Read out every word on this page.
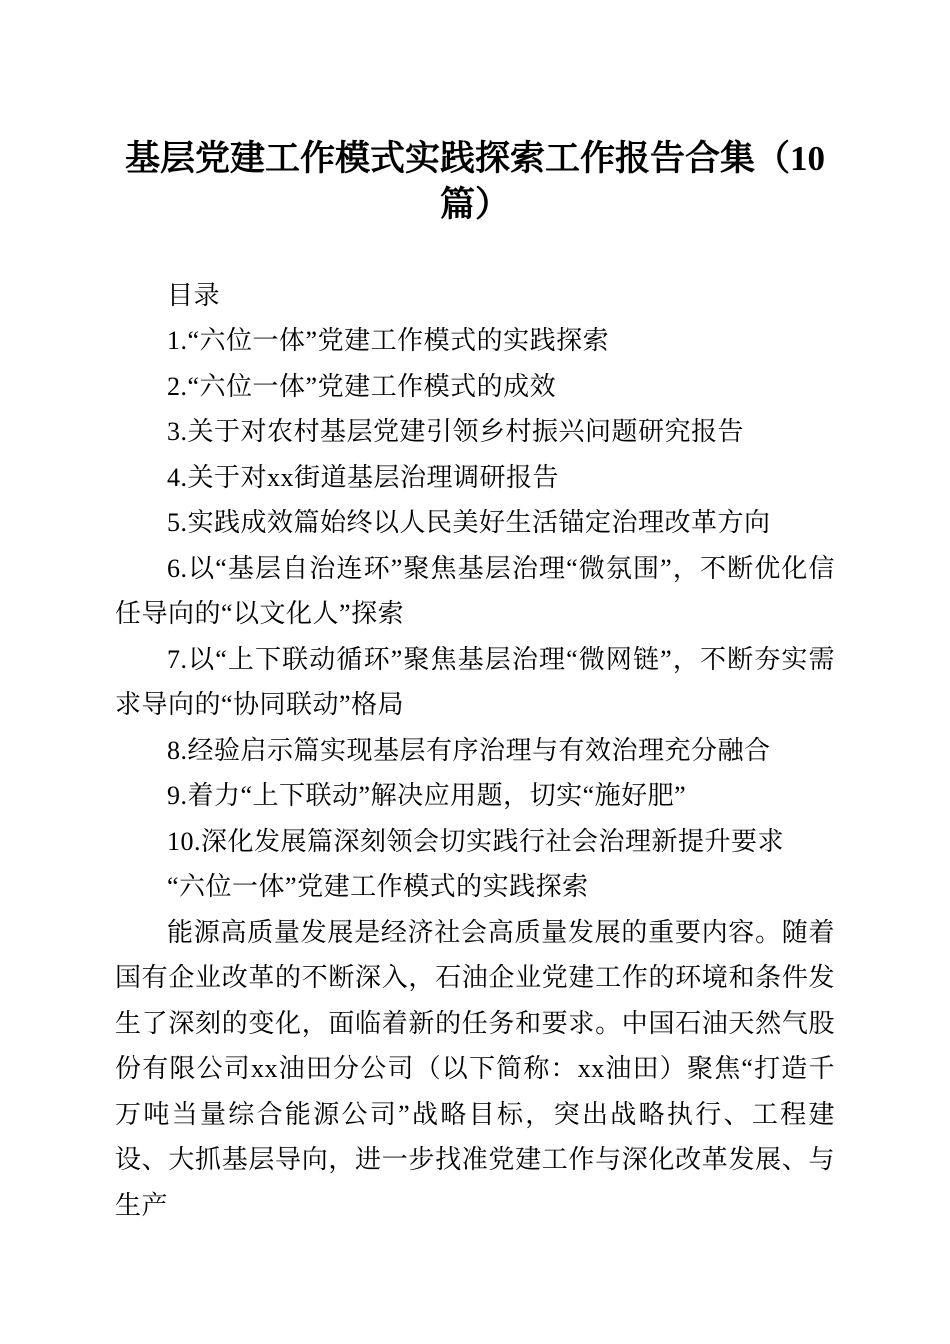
基层党建工作模式实践探索工作报告合集（10篇）

目录

1.“六位一体”党建工作模式的实践探索

2.“六位一体”党建工作模式的成效

3.关于对农村基层党建引领乡村振兴问题研究报告

4.关于对xx街道基层治理调研报告

5.实践成效篇始终以人民美好生活锚定治理改革方向

6.以“基层自治连环”聚焦基层治理“微氛围”，不断优化信任导向的“以文化人”探索

7.以“上下联动循环”聚焦基层治理“微网链”，不断夯实需求导向的“协同联动”格局

8.经验启示篇实现基层有序治理与有效治理充分融合

9.着力“上下联动”解决应用题，切实“施好肥”

10.深化发展篇深刻领会切实践行社会治理新提升要求

“六位一体”党建工作模式的实践探索

能源高质量发展是经济社会高质量发展的重要内容。随着国有企业改革的不断深入，石油企业党建工作的环境和条件发生了深刻的变化，面临着新的任务和要求。中国石油天然气股份有限公司xx油田分公司（以下简称：xx油田）聚焦“打造千万吨当量综合能源公司”战略目标，突出战略执行、工程建设、大抓基层导向，进一步找准党建工作与深化改革发展、与生产
